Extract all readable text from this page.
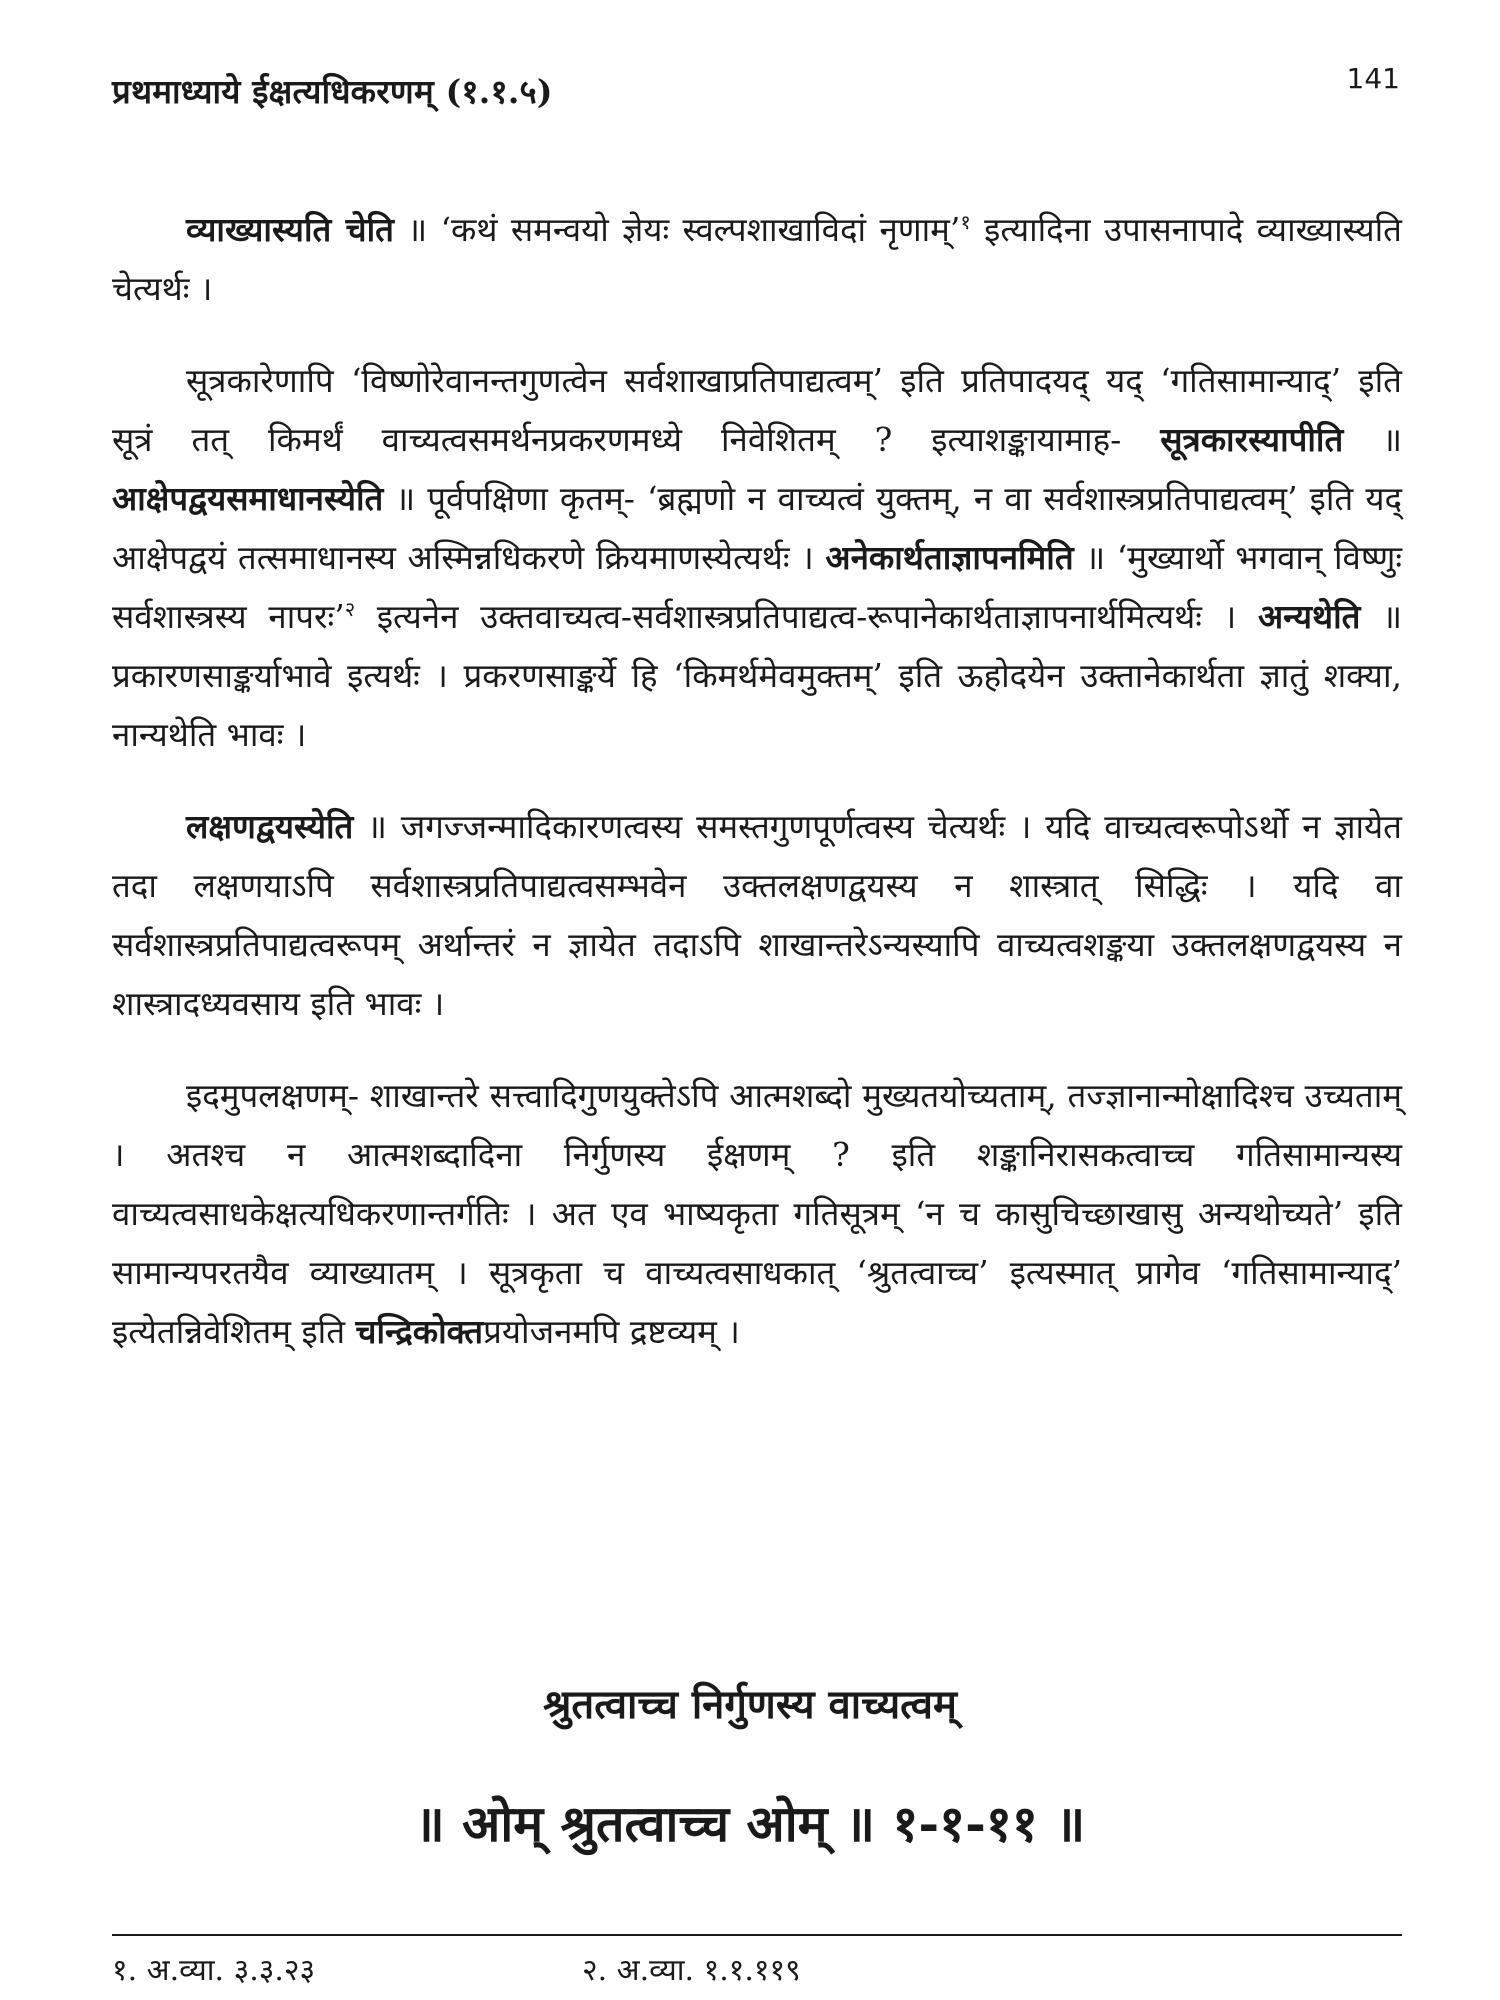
प्रथमाध्याये ईक्षत्यधिकरणम् (१.१.५)	141

व्याख्यास्यति चेति ॥ ‘कथं समन्वयो ज्ञेयः स्वल्पशाखाविदां नृणाम्’$^१$ इत्यादिना उपासनापादे व्याख्यास्यति चेत्यर्थः ।

सूत्रकारेणापि ‘विष्णोरेवानन्तगुणत्वेन सर्वशाखाप्रतिपाद्यत्वम्’ इति प्रतिपादयद् यद् ‘गतिसामान्याद्’ इति सूत्रं तत् किमर्थं वाच्यत्वसमर्थनप्रकरणमध्ये निवेशितम् ? इत्याशङ्कायामाह- सूत्रकारस्यापीति ॥ आक्षेपद्वयसमाधानस्येति ॥ पूर्वपक्षिणा कृतम्- ‘ब्रह्मणो न वाच्यत्वं युक्तम्, न वा सर्वशास्त्रप्रतिपाद्यत्वम्’ इति यद् आक्षेपद्वयं तत्समाधानस्य अस्मिन्नधिकरणे क्रियमाणस्येत्यर्थः । अनेकार्थताज्ञापनमिति ॥ ‘मुख्यार्थो भगवान् विष्णुः सर्वशास्त्रस्य नापरः’$^२$ इत्यनेन उक्तवाच्यत्व-सर्वशास्त्रप्रतिपाद्यत्व-रूपानेकार्थताज्ञापनार्थमित्यर्थः । अन्यथेति ॥ प्रकारणसाङ्कर्याभावे इत्यर्थः । प्रकरणसाङ्कर्ये हि ‘किमर्थमेवमुक्तम्’ इति ऊहोदयेन उक्तानेकार्थता ज्ञातुं शक्या, नान्यथेति भावः ।

लक्षणद्वयस्येति ॥ जगज्जन्मादिकारणत्वस्य समस्तगुणपूर्णत्वस्य चेत्यर्थः । यदि वाच्यत्वरूपोऽर्थो न ज्ञायेत तदा लक्षणयाऽपि सर्वशास्त्रप्रतिपाद्यत्वसम्भवेन उक्तलक्षणद्वयस्य न शास्त्रात् सिद्धिः । यदि वा सर्वशास्त्रप्रतिपाद्यत्वरूपम् अर्थान्तरं न ज्ञायेत तदाऽपि शाखान्तरेऽन्यस्यापि वाच्यत्वशङ्कया उक्तलक्षणद्वयस्य न शास्त्रादध्यवसाय इति भावः ।

इदमुपलक्षणम्- शाखान्तरे सत्त्वादिगुणयुक्तेऽपि आत्मशब्दो मुख्यतयोच्यताम्, तज्ज्ञानान्मोक्षादिश्च उच्यताम् । अतश्च न आत्मशब्दादिना निर्गुणस्य ईक्षणम् ? इति शङ्कानिरासकत्वाच्च गतिसामान्यस्य वाच्यत्वसाधकेक्षत्यधिकरणान्तर्गतिः । अत एव भाष्यकृता गतिसूत्रम् ‘न च कासुचिच्छाखासु अन्यथोच्यते’ इति सामान्यपरतयैव व्याख्यातम् । सूत्रकृता च वाच्यत्वसाधकात् ‘श्रुतत्वाच्च’ इत्यस्मात् प्रागेव ‘गतिसामान्याद्’ इत्येतन्निवेशितम् इति चन्द्रिकोक्तप्रयोजनमपि द्रष्टव्यम् ।

श्रुतत्वाच्च निर्गुणस्य वाच्यत्वम्
॥ ओम् श्रुतत्वाच्च ओम् ॥ १-१-११ ॥
१. अ.व्या. ३.३.२३	२. अ.व्या. १.१.११९
